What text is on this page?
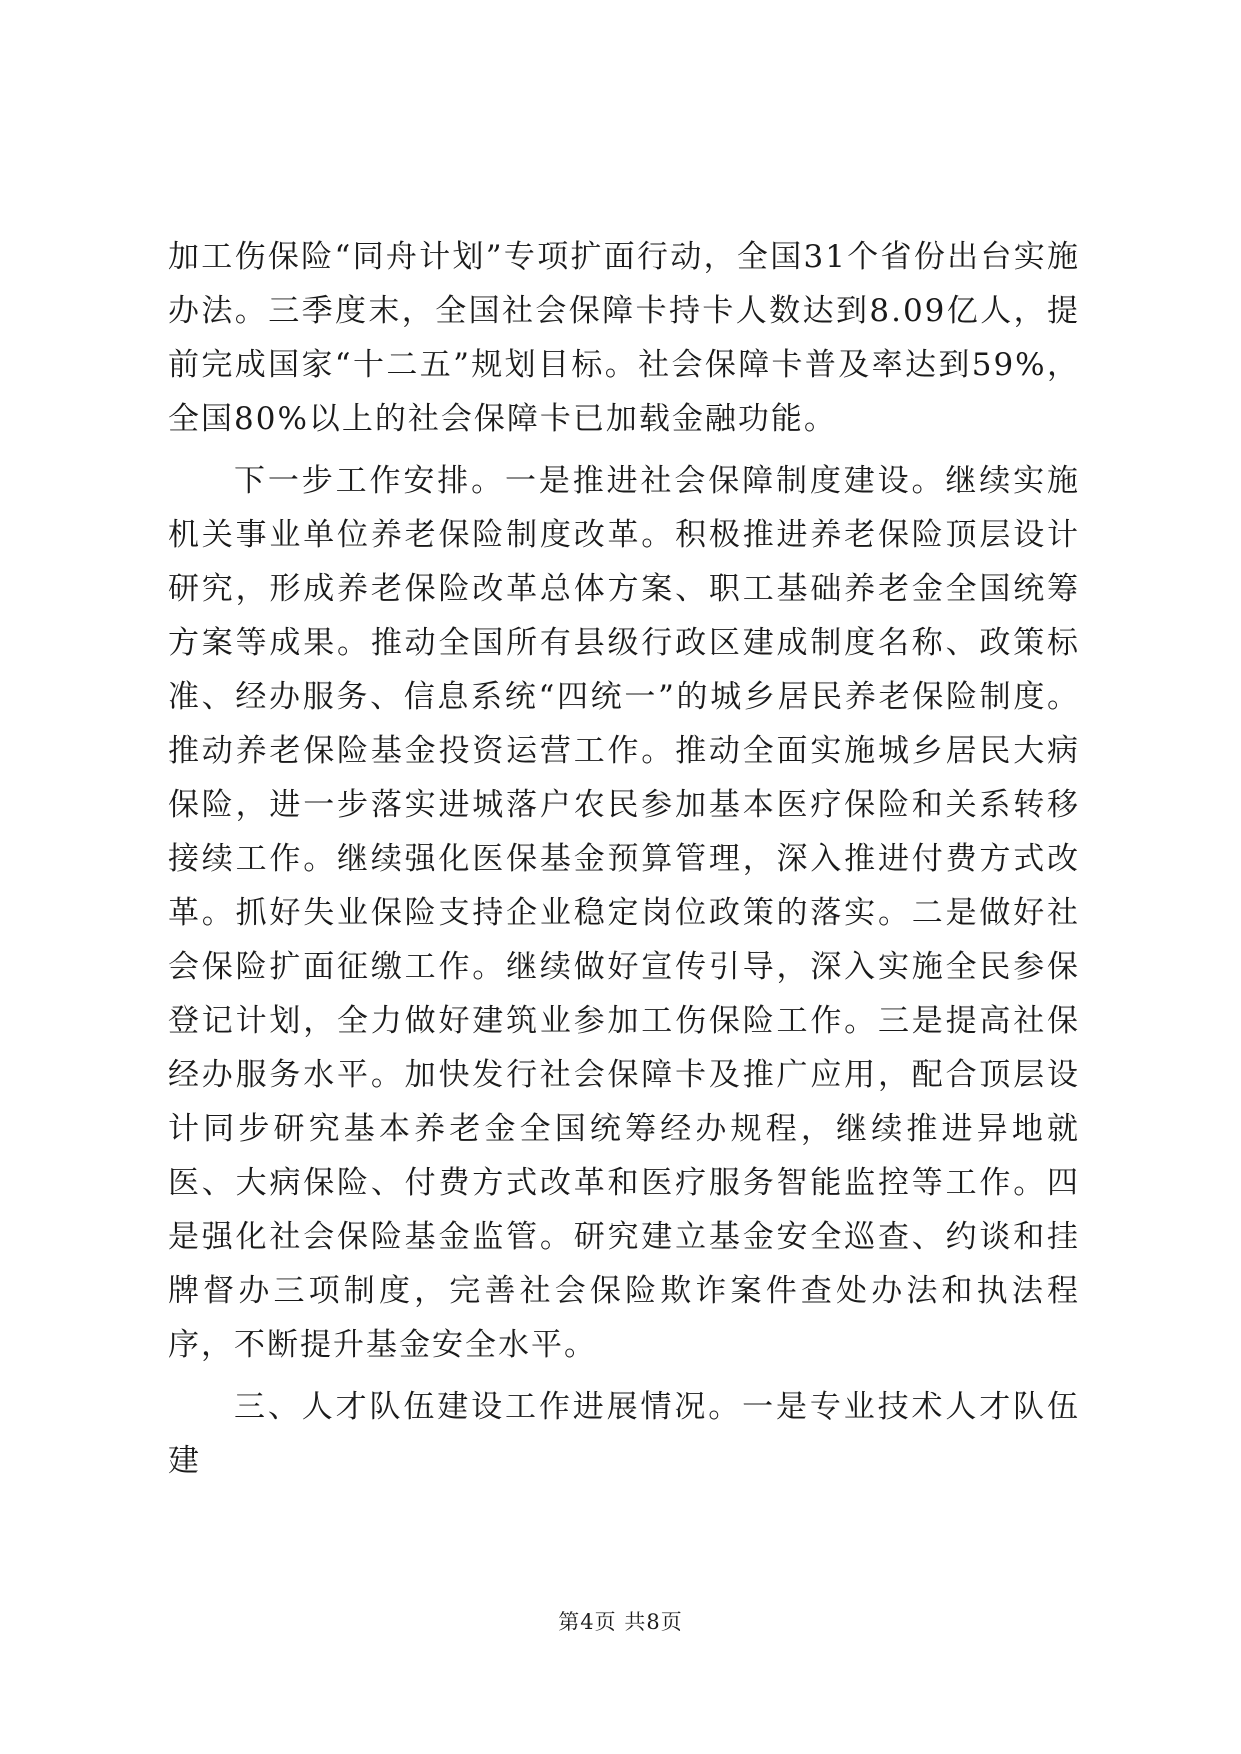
加工伤保险“同舟计划”专项扩面行动，全国31个省份出台实施办法。三季度末，全国社会保障卡持卡人数达到8.09亿人，提前完成国家“十二五”规划目标。社会保障卡普及率达到59%，全国80%以上的社会保障卡已加载金融功能。

下一步工作安排。一是推进社会保障制度建设。继续实施机关事业单位养老保险制度改革。积极推进养老保险顶层设计研究，形成养老保险改革总体方案、职工基础养老金全国统筹方案等成果。推动全国所有县级行政区建成制度名称、政策标准、经办服务、信息系统“四统一”的城乡居民养老保险制度。推动养老保险基金投资运营工作。推动全面实施城乡居民大病保险，进一步落实进城落户农民参加基本医疗保险和关系转移接续工作。继续强化医保基金预算管理，深入推进付费方式改革。抓好失业保险支持企业稳定岗位政策的落实。二是做好社会保险扩面征缴工作。继续做好宣传引导，深入实施全民参保登记计划，全力做好建筑业参加工伤保险工作。三是提高社保经办服务水平。加快发行社会保障卡及推广应用，配合顶层设计同步研究基本养老金全国统筹经办规程，继续推进异地就医、大病保险、付费方式改革和医疗服务智能监控等工作。四是强化社会保险基金监管。研究建立基金安全巡查、约谈和挂牌督办三项制度，完善社会保险欺诈案件查处办法和执法程序，不断提升基金安全水平。

三、人才队伍建设工作进展情况。一是专业技术人才队伍建

第4页 共8页
